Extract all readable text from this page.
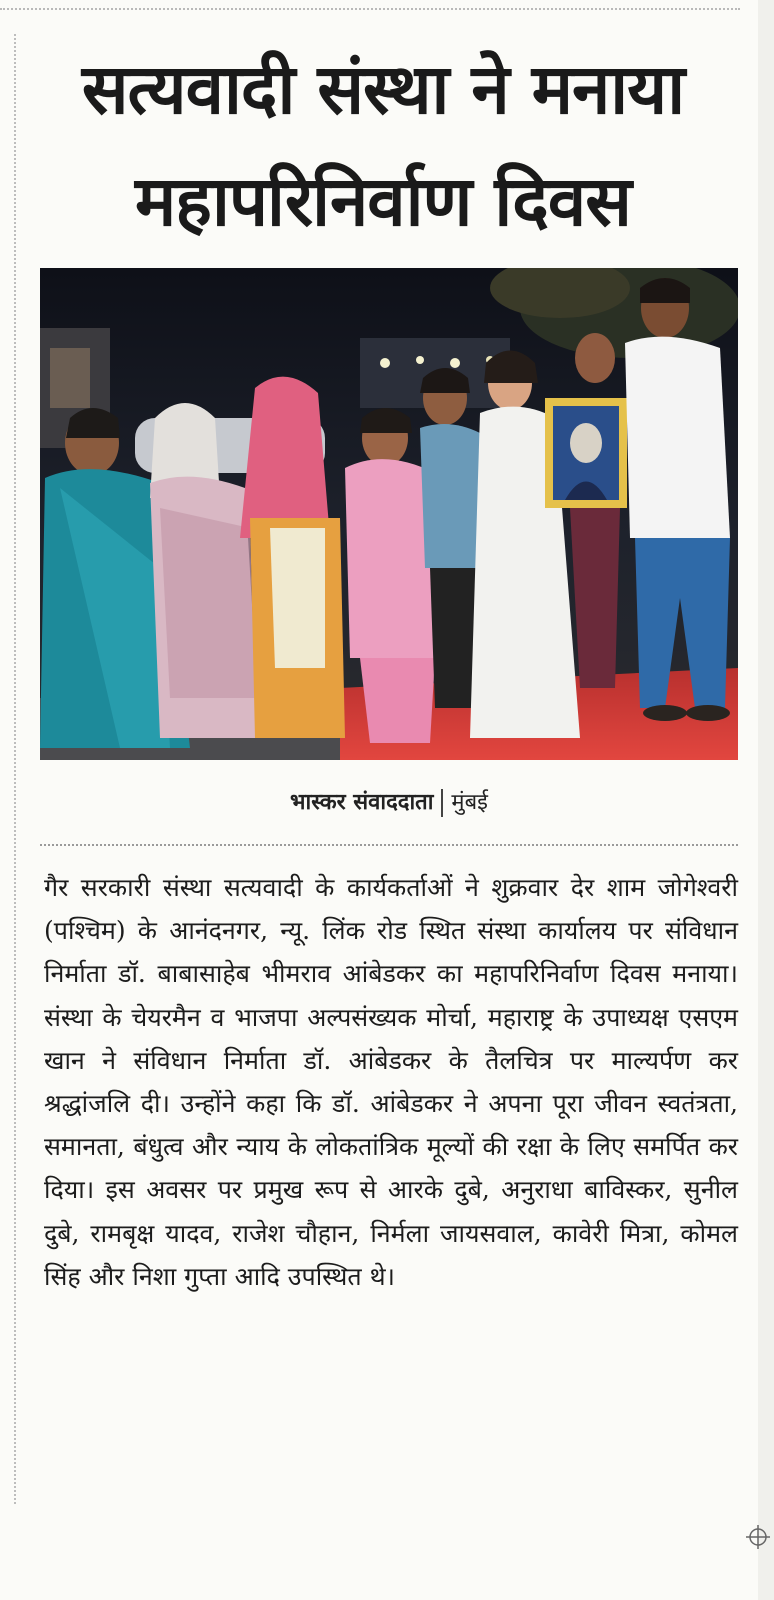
सत्यवादी संस्था ने मनाया
महापरिनिर्वाण दिवस
भास्कर संवाददाता मुंबई

गैर सरकारी संस्था सत्यवादी के कार्यकर्ताओं ने शुक्रवार देर शाम जोगेश्वरी (पश्चिम) के आनंदनगर, न्यू. लिंक रोड स्थित संस्था कार्यालय पर संविधान निर्माता डॉ. बाबासाहेब भीमराव आंबेडकर का महापरिनिर्वाण दिवस मनाया। संस्था के चेयरमैन व भाजपा अल्पसंख्यक मोर्चा, महाराष्ट्र के उपाध्यक्ष एसएम खान ने संविधान निर्माता डॉ. आंबेडकर के तैलचित्र पर माल्यर्पण कर श्रद्धांजलि दी। उन्होंने कहा कि डॉ. आंबेडकर ने अपना पूरा जीवन स्वतंत्रता, समानता, बंधुत्व और न्याय के लोकतांत्रिक मूल्यों की रक्षा के लिए समर्पित कर दिया। इस अवसर पर प्रमुख रूप से आरके दुबे, अनुराधा बाविस्कर, सुनील दुबे, रामबृक्ष यादव, राजेश चौहान, निर्मला जायसवाल, कावेरी मित्रा, कोमल सिंह और निशा गुप्ता आदि उपस्थित थे।
